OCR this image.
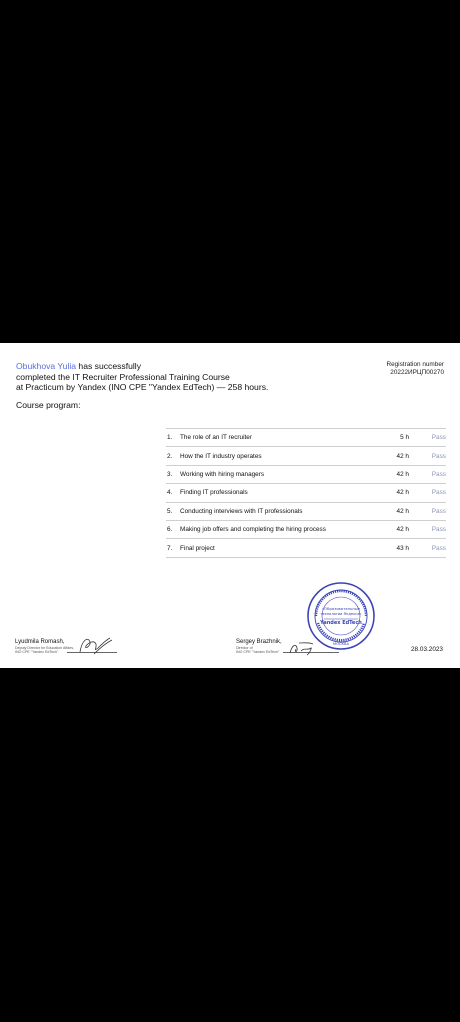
Obukhova Yulia has successfully
completed the IT Recruiter Professional Training Course
at Practicum by Yandex (INO CPE "Yandex EdTech) — 258 hours.
Registration number
20222ИРЦП00270
Course program:
1.	The role of an IT recruiter	5 h	Pass
2.	How the IT industry operates	42 h	Pass
3.	Working with hiring managers	42 h	Pass
4.	Finding IT professionals	42 h	Pass
5.	Conducting interviews with IT professionals	42 h	Pass
6.	Making job offers and completing the hiring process	42 h	Pass
7.	Final project	43 h	Pass
Lyudmila Romash,
Deputy Director for Education Affairs,
INO CPE "Yandex EdTech"
Sergey Brazhnik,
Director of
INO CPE "Yandex EdTech"
«Образовательные
технологии Яндекса»
Yandex EdTech
МОСКВА
28.03.2023
